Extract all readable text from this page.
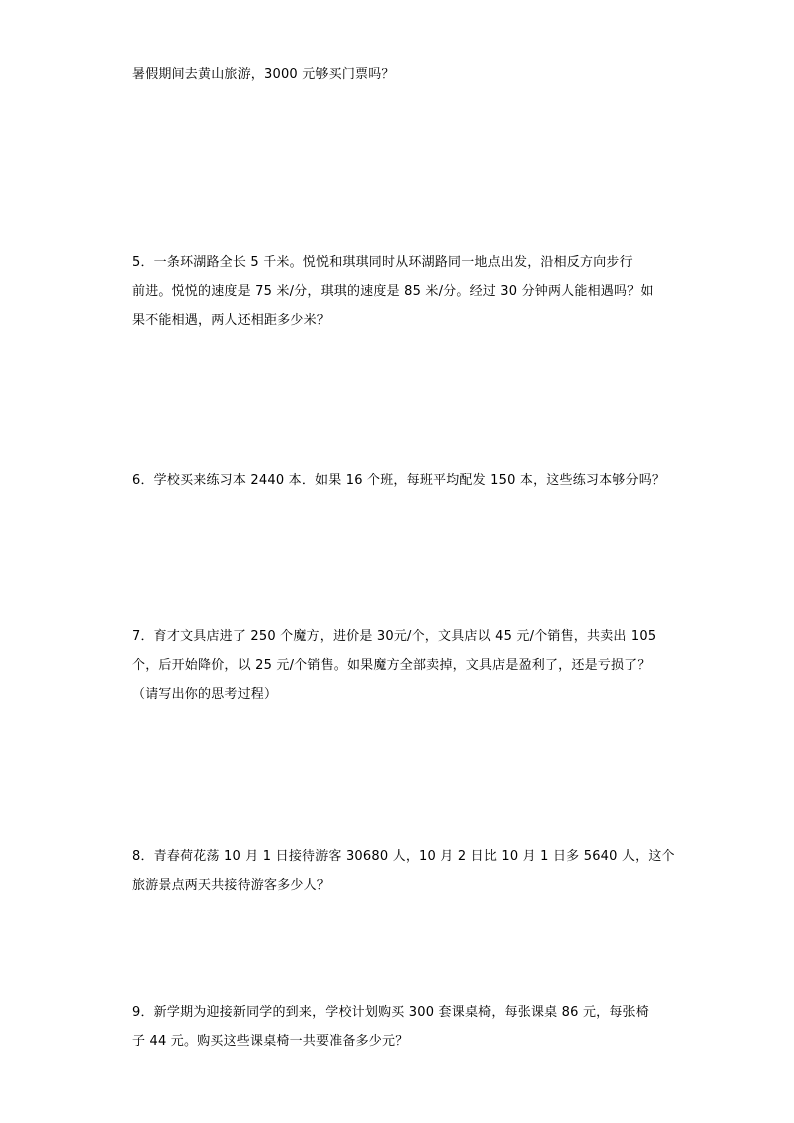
暑假期间去黄山旅游，3000 元够买门票吗？
5．一条环湖路全长 5 千米。悦悦和琪琪同时从环湖路同一地点出发，沿相反方向步行
前进。悦悦的速度是 75 米/分，琪琪的速度是 85 米/分。经过 30 分钟两人能相遇吗？如
果不能相遇，两人还相距多少米？
6．学校买来练习本 2440 本．如果 16 个班，每班平均配发 150 本，这些练习本够分吗？
7．育才文具店进了 250 个魔方，进价是 30元/个，文具店以 45 元/个销售，共卖出 105
个，后开始降价，以 25 元/个销售。如果魔方全部卖掉，文具店是盈利了，还是亏损了？
（请写出你的思考过程）
8．青春荷花荡 10 月 1 日接待游客 30680 人，10 月 2 日比 10 月 1 日多 5640 人，这个
旅游景点两天共接待游客多少人？
9．新学期为迎接新同学的到来，学校计划购买 300 套课桌椅，每张课桌 86 元，每张椅
子 44 元。购买这些课桌椅一共要准备多少元？
